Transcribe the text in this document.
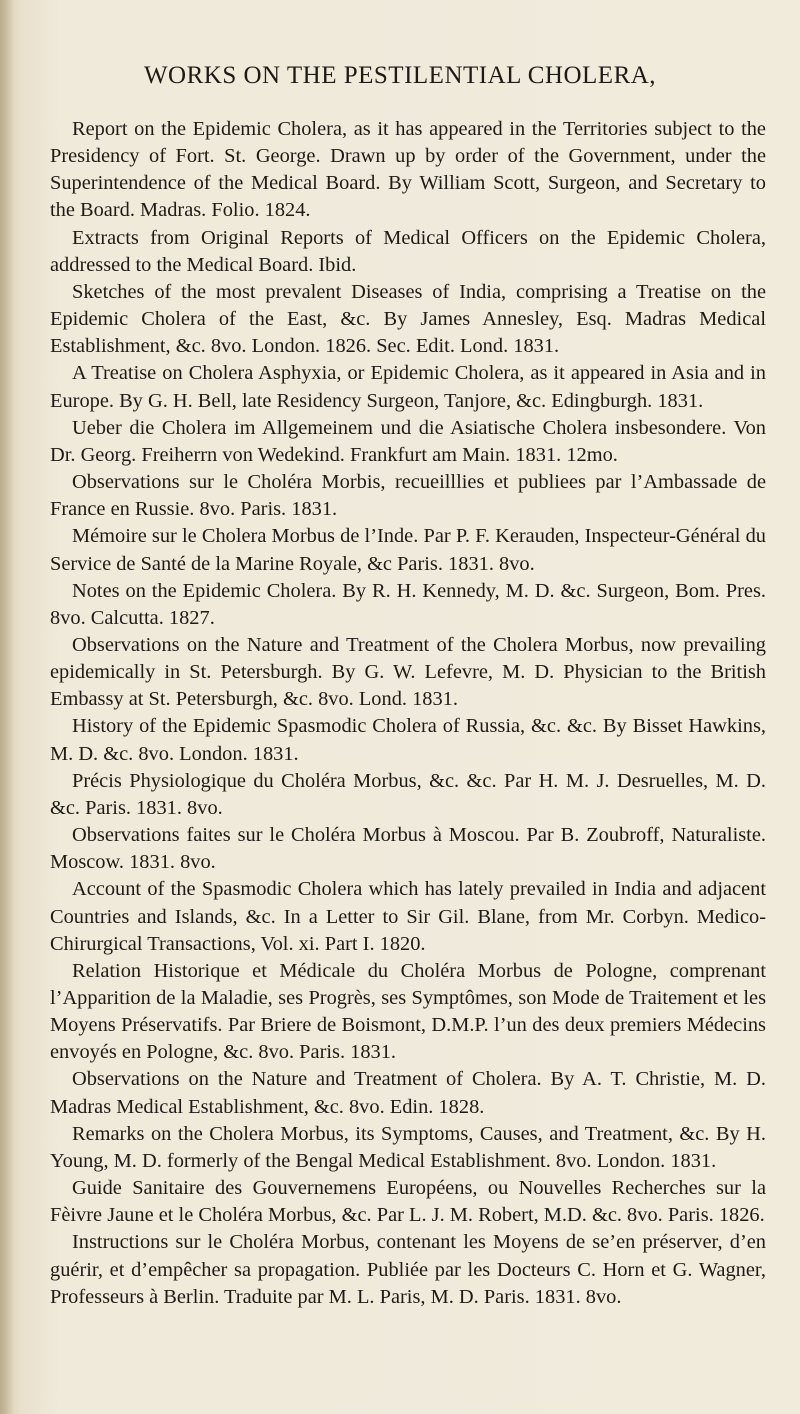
WORKS ON THE PESTILENTIAL CHOLERA,

Report on the Epidemic Cholera, as it has appeared in the Territories subject to the Presidency of Fort. St. George. Drawn up by order of the Government, under the Superintendence of the Medical Board. By William Scott, Surgeon, and Secretary to the Board. Madras. Folio. 1824.

Extracts from Original Reports of Medical Officers on the Epidemic Cholera, addressed to the Medical Board. Ibid.

Sketches of the most prevalent Diseases of India, comprising a Treatise on the Epidemic Cholera of the East, &c. By James Annesley, Esq. Madras Medical Establishment, &c. 8vo. London. 1826. Sec. Edit. Lond. 1831.

A Treatise on Cholera Asphyxia, or Epidemic Cholera, as it appeared in Asia and in Europe. By G. H. Bell, late Residency Surgeon, Tanjore, &c. Edingburgh. 1831.

Ueber die Cholera im Allgemeinem und die Asiatische Cholera insbesondere. Von Dr. Georg. Freiherrn von Wedekind. Frankfurt am Main. 1831. 12mo.

Observations sur le Choléra Morbis, recueilllies et publiees par l’Ambassade de France en Russie. 8vo. Paris. 1831.

Mémoire sur le Cholera Morbus de l’Inde. Par P. F. Kerauden, Inspecteur-Général du Service de Santé de la Marine Royale, &c Paris. 1831. 8vo.

Notes on the Epidemic Cholera. By R. H. Kennedy, M. D. &c. Surgeon, Bom. Pres. 8vo. Calcutta. 1827.

Observations on the Nature and Treatment of the Cholera Morbus, now prevailing epidemically in St. Petersburgh. By G. W. Lefevre, M. D. Physician to the British Embassy at St. Petersburgh, &c. 8vo. Lond. 1831.

History of the Epidemic Spasmodic Cholera of Russia, &c. &c. By Bisset Hawkins, M. D. &c. 8vo. London. 1831.

Précis Physiologique du Choléra Morbus, &c. &c. Par H. M. J. Desruelles, M. D. &c. Paris. 1831. 8vo.

Observations faites sur le Choléra Morbus à Moscou. Par B. Zoubroff, Naturaliste. Moscow. 1831. 8vo.

Account of the Spasmodic Cholera which has lately prevailed in India and adjacent Countries and Islands, &c. In a Letter to Sir Gil. Blane, from Mr. Corbyn. Medico-Chirurgical Transactions, Vol. xi. Part I. 1820.

Relation Historique et Médicale du Choléra Morbus de Pologne, comprenant l’Apparition de la Maladie, ses Progrès, ses Symptômes, son Mode de Traitement et les Moyens Préservatifs. Par Briere de Boismont, D.M.P. l’un des deux premiers Médecins envoyés en Pologne, &c. 8vo. Paris. 1831.

Observations on the Nature and Treatment of Cholera. By A. T. Christie, M. D. Madras Medical Establishment, &c. 8vo. Edin. 1828.

Remarks on the Cholera Morbus, its Symptoms, Causes, and Treatment, &c. By H. Young, M. D. formerly of the Bengal Medical Establishment. 8vo. London. 1831.

Guide Sanitaire des Gouvernemens Européens, ou Nouvelles Recherches sur la Fèivre Jaune et le Choléra Morbus, &c. Par L. J. M. Robert, M.D. &c. 8vo. Paris. 1826.

Instructions sur le Choléra Morbus, contenant les Moyens de se’en préserver, d’en guérir, et d’empêcher sa propagation. Publiée par les Docteurs C. Horn et G. Wagner, Professeurs à Berlin. Traduite par M. L. Paris, M. D. Paris. 1831. 8vo.
